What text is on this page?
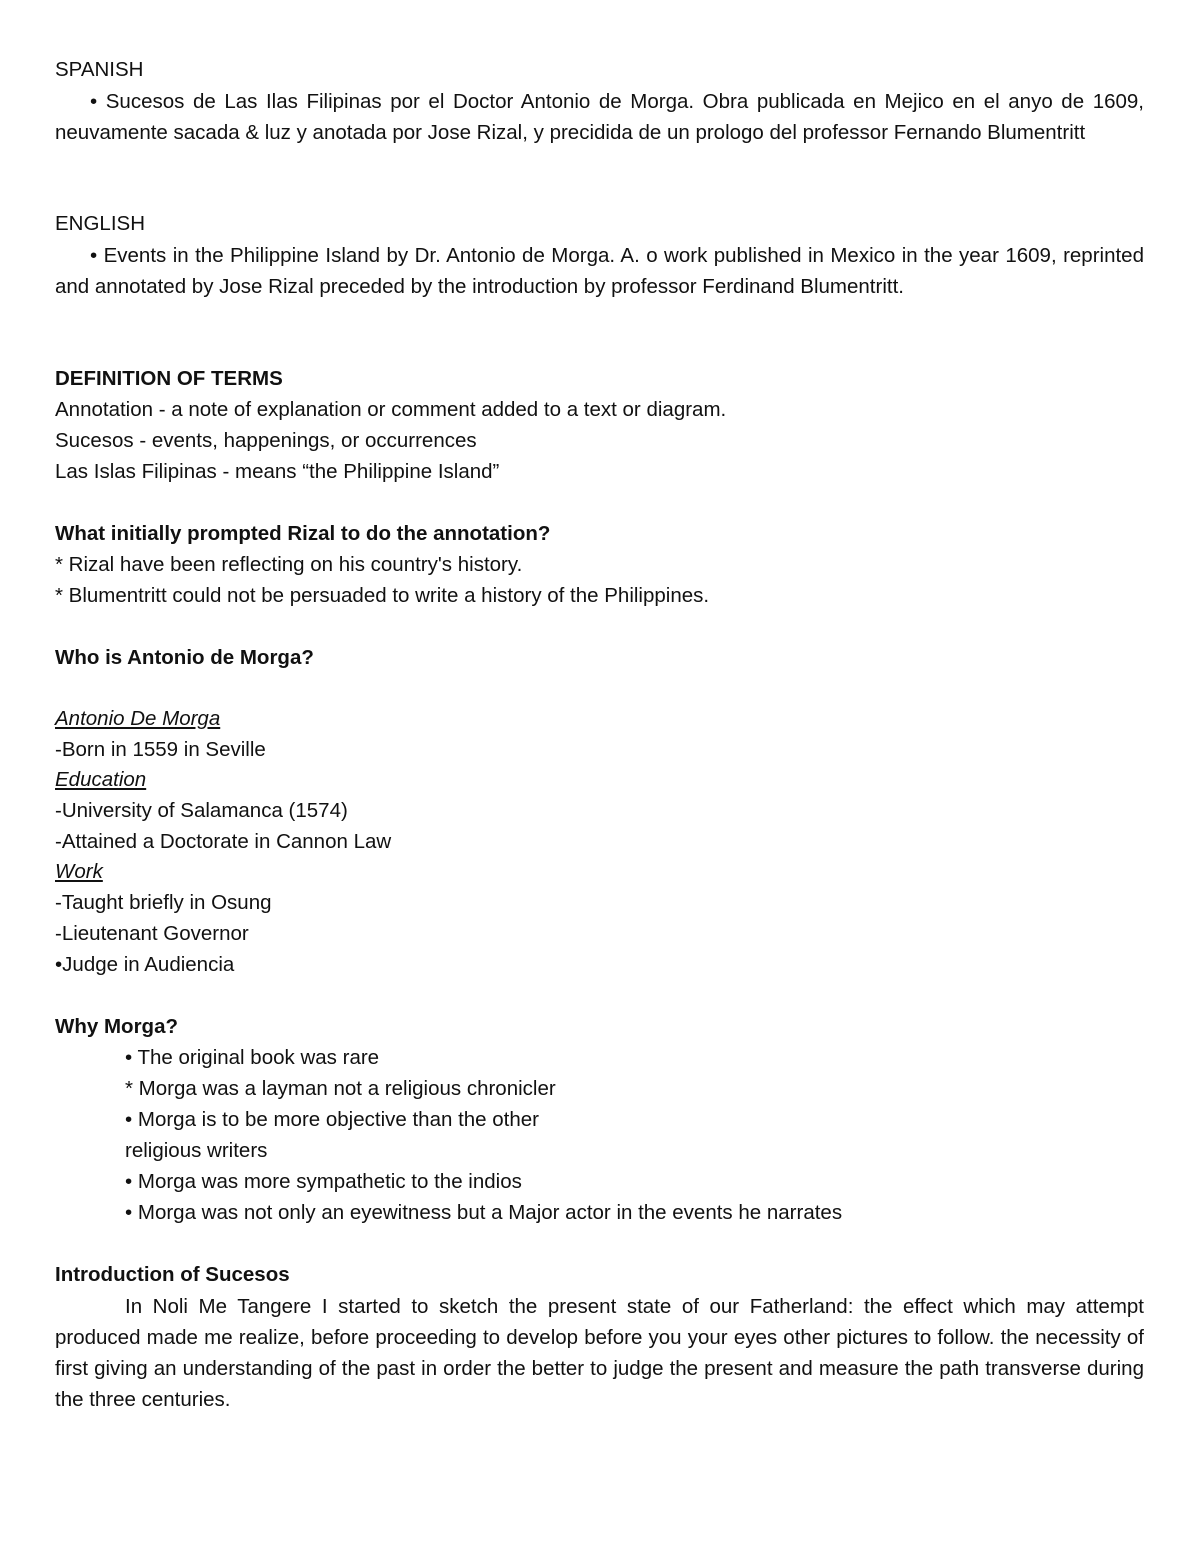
SPANISH
• Sucesos de Las Ilas Filipinas por el Doctor Antonio de Morga. Obra publicada en Mejico en el anyo de 1609, neuvamente sacada & luz y anotada por Jose Rizal, y precidida de un prologo del professor Fernando Blumentritt
ENGLISH
• Events in the Philippine Island by Dr. Antonio de Morga. A. o work published in Mexico in the year 1609, reprinted and annotated by Jose Rizal preceded by the introduction by professor Ferdinand Blumentritt.
DEFINITION OF TERMS
Annotation - a note of explanation or comment added to a text or diagram.
Sucesos - events, happenings, or occurrences
Las Islas Filipinas - means “the Philippine Island”
What initially prompted Rizal to do the annotation?
* Rizal have been reflecting on his country's history.
* Blumentritt could not be persuaded to write a history of the Philippines.
Who is Antonio de Morga?
Antonio De Morga
-Born in 1559 in Seville
Education
-University of Salamanca (1574)
-Attained a Doctorate in Cannon Law
Work
-Taught briefly in Osung
-Lieutenant Governor
•Judge in Audiencia
Why Morga?
• The original book was rare
* Morga was a layman not a religious chronicler
• Morga is to be more objective than the other
religious writers
• Morga was more sympathetic to the indios
• Morga was not only an eyewitness but a Major actor in the events he narrates
Introduction of Sucesos
In Noli Me Tangere I started to sketch the present state of our Fatherland: the effect which may attempt produced made me realize, before proceeding to develop before you your eyes other pictures to follow. the necessity of first giving an understanding of the past in order the better to judge the present and measure the path transverse during the three centuries.
